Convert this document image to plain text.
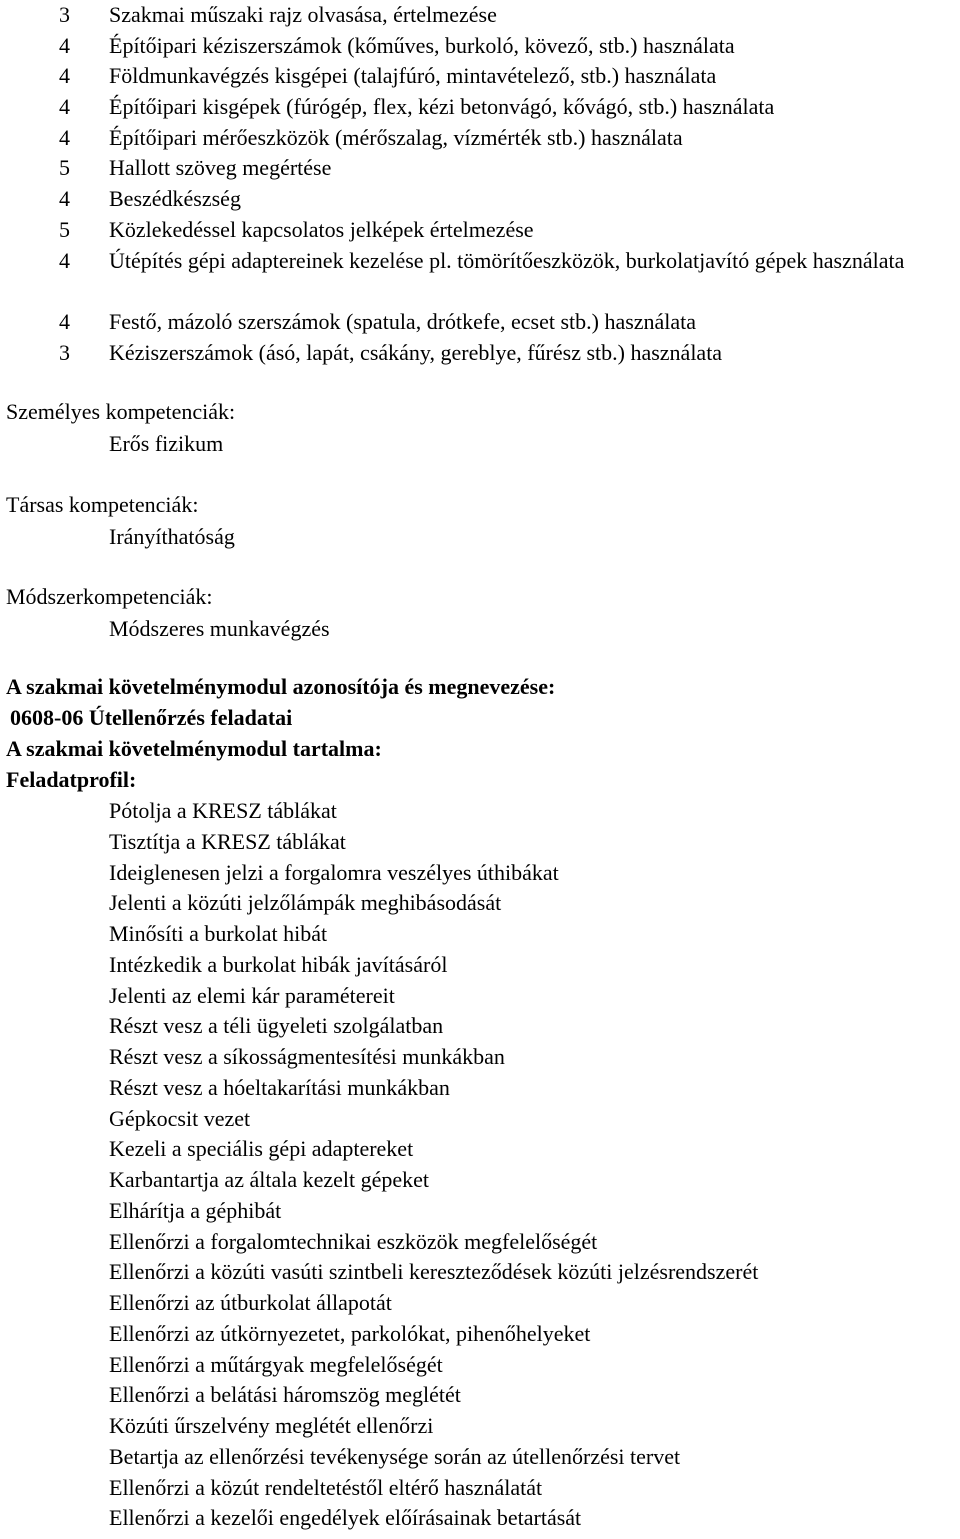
3	Szakmai műszaki rajz olvasása, értelmezése
4	Építőipari kéziszerszámok (kőműves, burkoló, kövező, stb.) használata
4	Földmunkavégzés kisgépei (talajfúró, mintavételező, stb.) használata
4	Építőipari kisgépek (fúrógép, flex, kézi betonvágó, kővágó, stb.) használata
4	Építőipari mérőeszközök (mérőszalag, vízmérték stb.) használata
5	Hallott szöveg megértése
4	Beszédkészség
5	Közlekedéssel kapcsolatos jelképek értelmezése
4	Útépítés gépi adaptereinek kezelése pl. tömörítőeszközök, burkolatjavító gépek használata
4	Festő, mázoló szerszámok (spatula, drótkefe, ecset stb.) használata
3	Kéziszerszámok (ásó, lapát, csákány, gereblye, fűrész stb.) használata
Személyes kompetenciák:
Erős fizikum
Társas kompetenciák:
Irányíthatóság
Módszerkompetenciák:
Módszeres munkavégzés
A szakmai követelménymodul azonosítója és megnevezése:
0608-06 Útellenőrzés feladatai
A szakmai követelménymodul tartalma:
Feladatprofil:
Pótolja a KRESZ táblákat
Tisztítja a KRESZ táblákat
Ideiglenesen jelzi a forgalomra veszélyes úthibákat
Jelenti a közúti jelzőlámpák meghibásodását
Minősíti a burkolat hibát
Intézkedik a burkolat hibák javításáról
Jelenti az elemi kár paramétereit
Részt vesz a téli ügyeleti szolgálatban
Részt vesz a síkosságmentesítési munkákban
Részt vesz a hóeltakarítási munkákban
Gépkocsit vezet
Kezeli a speciális gépi adaptereket
Karbantartja az általa kezelt gépeket
Elhárítja a géphibát
Ellenőrzi a forgalomtechnikai eszközök megfelelőségét
Ellenőrzi a közúti vasúti szintbeli kereszteződések közúti jelzésrendszerét
Ellenőrzi az útburkolat állapotát
Ellenőrzi az útkörnyezetet, parkolókat, pihenőhelyeket
Ellenőrzi a műtárgyak megfelelőségét
Ellenőrzi a belátási háromszög meglétét
Közúti űrszelvény meglétét ellenőrzi
Betartja az ellenőrzési tevékenysége során az útellenőrzési tervet
Ellenőrzi a közút rendeltetéstől eltérő használatát
Ellenőrzi a kezelői engedélyek előírásainak betartását
